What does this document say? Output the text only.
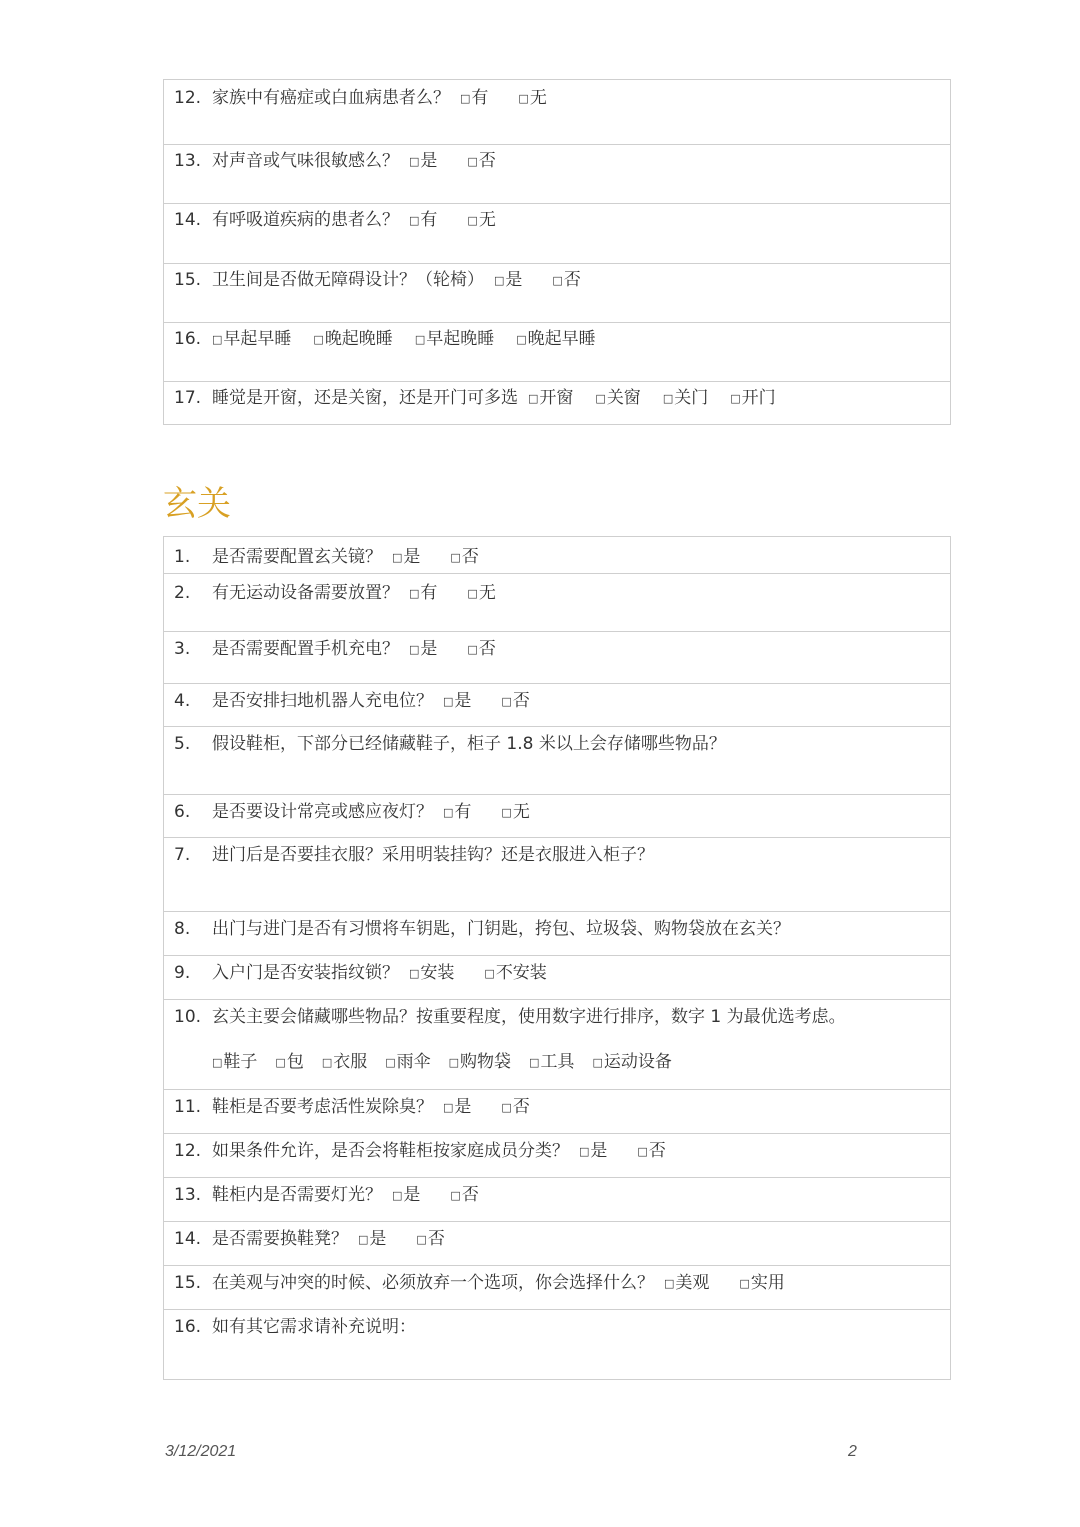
12. 家族中有癌症或白血病患者么？ □有	□无
13. 对声音或气味很敏感么？ □是	□否
14. 有呼吸道疾病的患者么？ □有	□无
15. 卫生间是否做无障碍设计？（轮椅） □是	□否
16. □早起早睡 □晚起晚睡 □早起晚睡 □晚起早睡
17. 睡觉是开窗，还是关窗，还是开门可多选 □开窗 □关窗 □关门 □开门
玄关
1. 是否需要配置玄关镜？ □是	□否
2. 有无运动设备需要放置？ □有	□无
3. 是否需要配置手机充电？ □是	□否
4. 是否安排扫地机器人充电位？ □是	□否
5. 假设鞋柜，下部分已经储藏鞋子，柜子 1.8 米以上会存储哪些物品？
6. 是否要设计常亮或感应夜灯？ □有	□无
7. 进门后是否要挂衣服？采用明装挂钩？还是衣服进入柜子？
8. 出门与进门是否有习惯将车钥匙，门钥匙，挎包、垃圾袋、购物袋放在玄关？
9. 入户门是否安装指纹锁？ □安装	□不安装
10. 玄关主要会储藏哪些物品？按重要程度，使用数字进行排序，数字 1 为最优选考虑。
□鞋子 □包 □衣服 □雨伞 □购物袋 □工具 □运动设备
11. 鞋柜是否要考虑活性炭除臭？ □是	□否
12. 如果条件允许，是否会将鞋柜按家庭成员分类？ □是	□否
13. 鞋柜内是否需要灯光？ □是	□否
14. 是否需要换鞋凳？ □是	□否
15. 在美观与冲突的时候、必须放弃一个选项，你会选择什么？ □美观	□实用
16. 如有其它需求请补充说明：
3/12/2021	2
